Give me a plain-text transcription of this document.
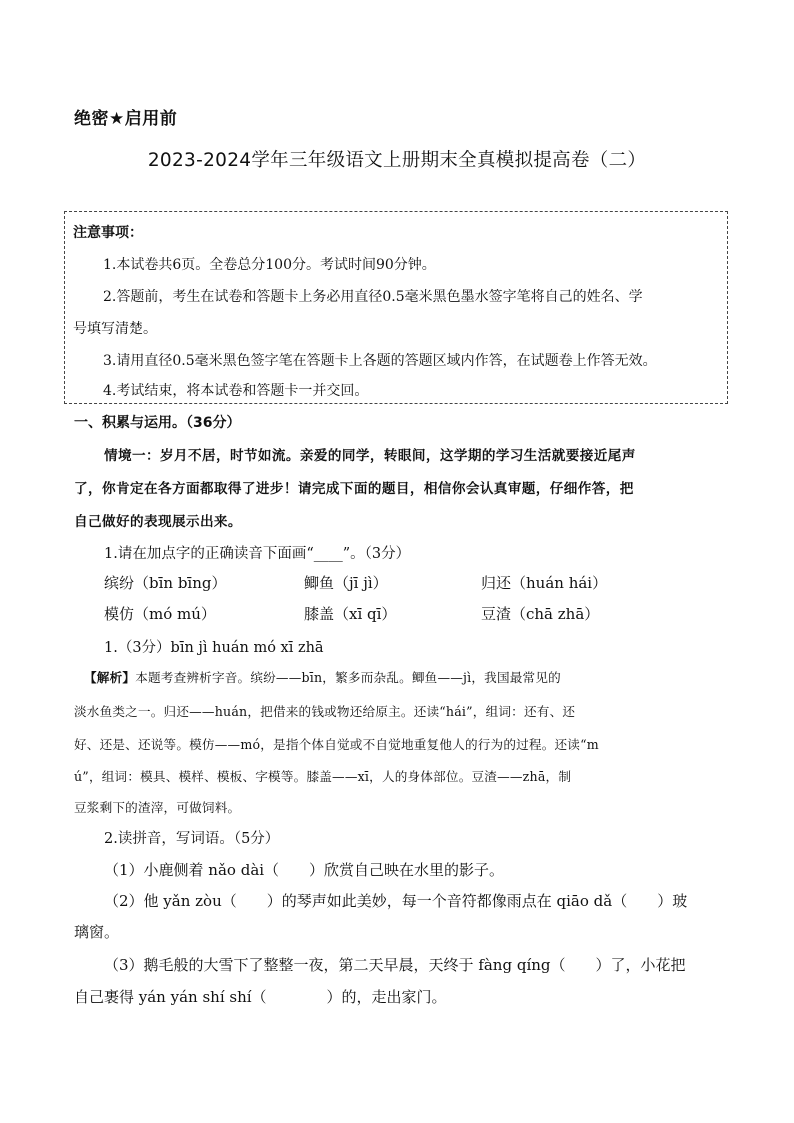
绝密★启用前
2023-2024学年三年级语文上册期末全真模拟提高卷（二）
注意事项：
1.本试卷共6页。全卷总分100分。考试时间90分钟。
2.答题前，考生在试卷和答题卡上务必用直径0.5毫米黑色墨水签字笔将自己的姓名、学
号填写清楚。
3.请用直径0.5毫米黑色签字笔在答题卡上各题的答题区域内作答，在试题卷上作答无效。
4.考试结束，将本试卷和答题卡一并交回。
一、积累与运用。（36分）
情境一：岁月不居，时节如流。亲爱的同学，转眼间，这学期的学习生活就要接近尾声
了，你肯定在各方面都取得了进步！请完成下面的题目，相信你会认真审题，仔细作答，把
自己做好的表现展示出来。
1.请在加点字的正确读音下面画“____”。（3分）
缤纷（bīn bīng）	鲫鱼（jī jì）	归还（huán hái）
模仿（mó mú）	膝盖（xī qī）	豆渣（chā zhā）
1.（3分）bīn jì huán mó xī zhā
【解析】本题考查辨析字音。缤纷——bīn，繁多而杂乱。鲫鱼——jì，我国最常见的
淡水鱼类之一。归还——huán，把借来的钱或物还给原主。还读“hái”，组词：还有、还
好、还是、还说等。模仿——mó，是指个体自觉或不自觉地重复他人的行为的过程。还读“m
ú”，组词：模具、模样、模板、字模等。膝盖——xī，人的身体部位。豆渣——zhā，制
豆浆剩下的渣滓，可做饲料。
2.读拼音，写词语。（5分）
（1）小鹿侧着 nǎo dài（　　）欣赏自己映在水里的影子。
（2）他 yǎn zòu（　　）的琴声如此美妙，每一个音符都像雨点在 qiāo dǎ（　　）玻
璃窗。
（3）鹅毛般的大雪下了整整一夜，第二天早晨，天终于 fàng qíng（　　）了，小花把
自己裹得 yán yán shí shí（　　　　）的，走出家门。
